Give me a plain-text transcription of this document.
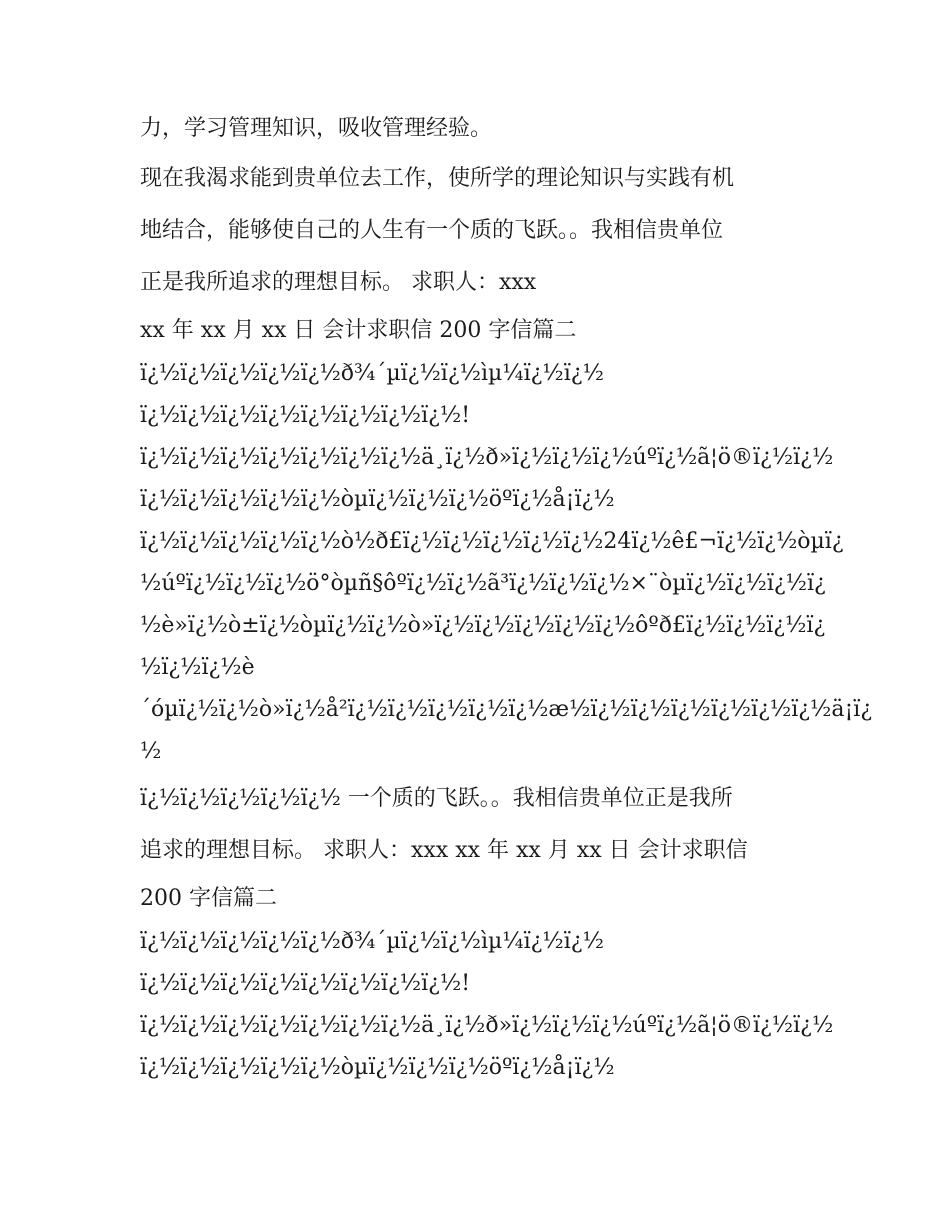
力，学习管理知识，吸收管理经验。
现在我渴求能到贵单位去工作，使所学的理论知识与实践有机
地结合，能够使自己的人生有一个质的飞跃。。我相信贵单位
正是我所追求的理想目标。 求职人：xxx
xx 年 xx 月 xx 日 会计求职信 200 字信篇二
ï¿½ï¿½ï¿½ï¿½ï¿½ð¾´µï¿½ï¿½ìµ¼ï¿½ï¿½
ï¿½ï¿½ï¿½ï¿½ï¿½ï¿½ï¿½ï¿½!
ï¿½ï¿½ï¿½ï¿½ï¿½ï¿½ï¿½ä¸ï¿½ð»ï¿½ï¿½ï¿½úºï¿½ã¦ö®ï¿½ï¿½
ï¿½ï¿½ï¿½ï¿½ï¿½òµï¿½ï¿½ï¿½öºï¿½å¡ï¿½
ï¿½ï¿½ï¿½ï¿½ï¿½ò½ð£ï¿½ï¿½ï¿½ï¿½ï¿½24ï¿½ê£¬ï¿½ï¿½òµï¿
½úºï¿½ï¿½ï¿½ö°òµñ§ôºï¿½ï¿½ã³ï¿½ï¿½ï¿½×¨òµï¿½ï¿½ï¿½ï¿
½è»ï¿½ò±ï¿½òµï¿½ï¿½ò»ï¿½ï¿½ï¿½ï¿½ï¿½ôºð£ï¿½ï¿½ï¿½ï¿
½ï¿½ï¿½è
´óµï¿½ï¿½ò»ï¿½å²ï¿½ï¿½ï¿½ï¿½ï¿½æ½ï¿½ï¿½ï¿½ï¿½ï¿½ï¿½ä¡ï¿
½
ï¿½ï¿½ï¿½ï¿½ï¿½ 一个质的飞跃。。我相信贵单位正是我所
追求的理想目标。 求职人：xxx xx 年 xx 月 xx 日 会计求职信
200 字信篇二
ï¿½ï¿½ï¿½ï¿½ï¿½ð¾´µï¿½ï¿½ìµ¼ï¿½ï¿½
ï¿½ï¿½ï¿½ï¿½ï¿½ï¿½ï¿½ï¿½!
ï¿½ï¿½ï¿½ï¿½ï¿½ï¿½ï¿½ä¸ï¿½ð»ï¿½ï¿½ï¿½úºï¿½ã¦ö®ï¿½ï¿½
ï¿½ï¿½ï¿½ï¿½ï¿½òµï¿½ï¿½ï¿½öºï¿½å¡ï¿½
